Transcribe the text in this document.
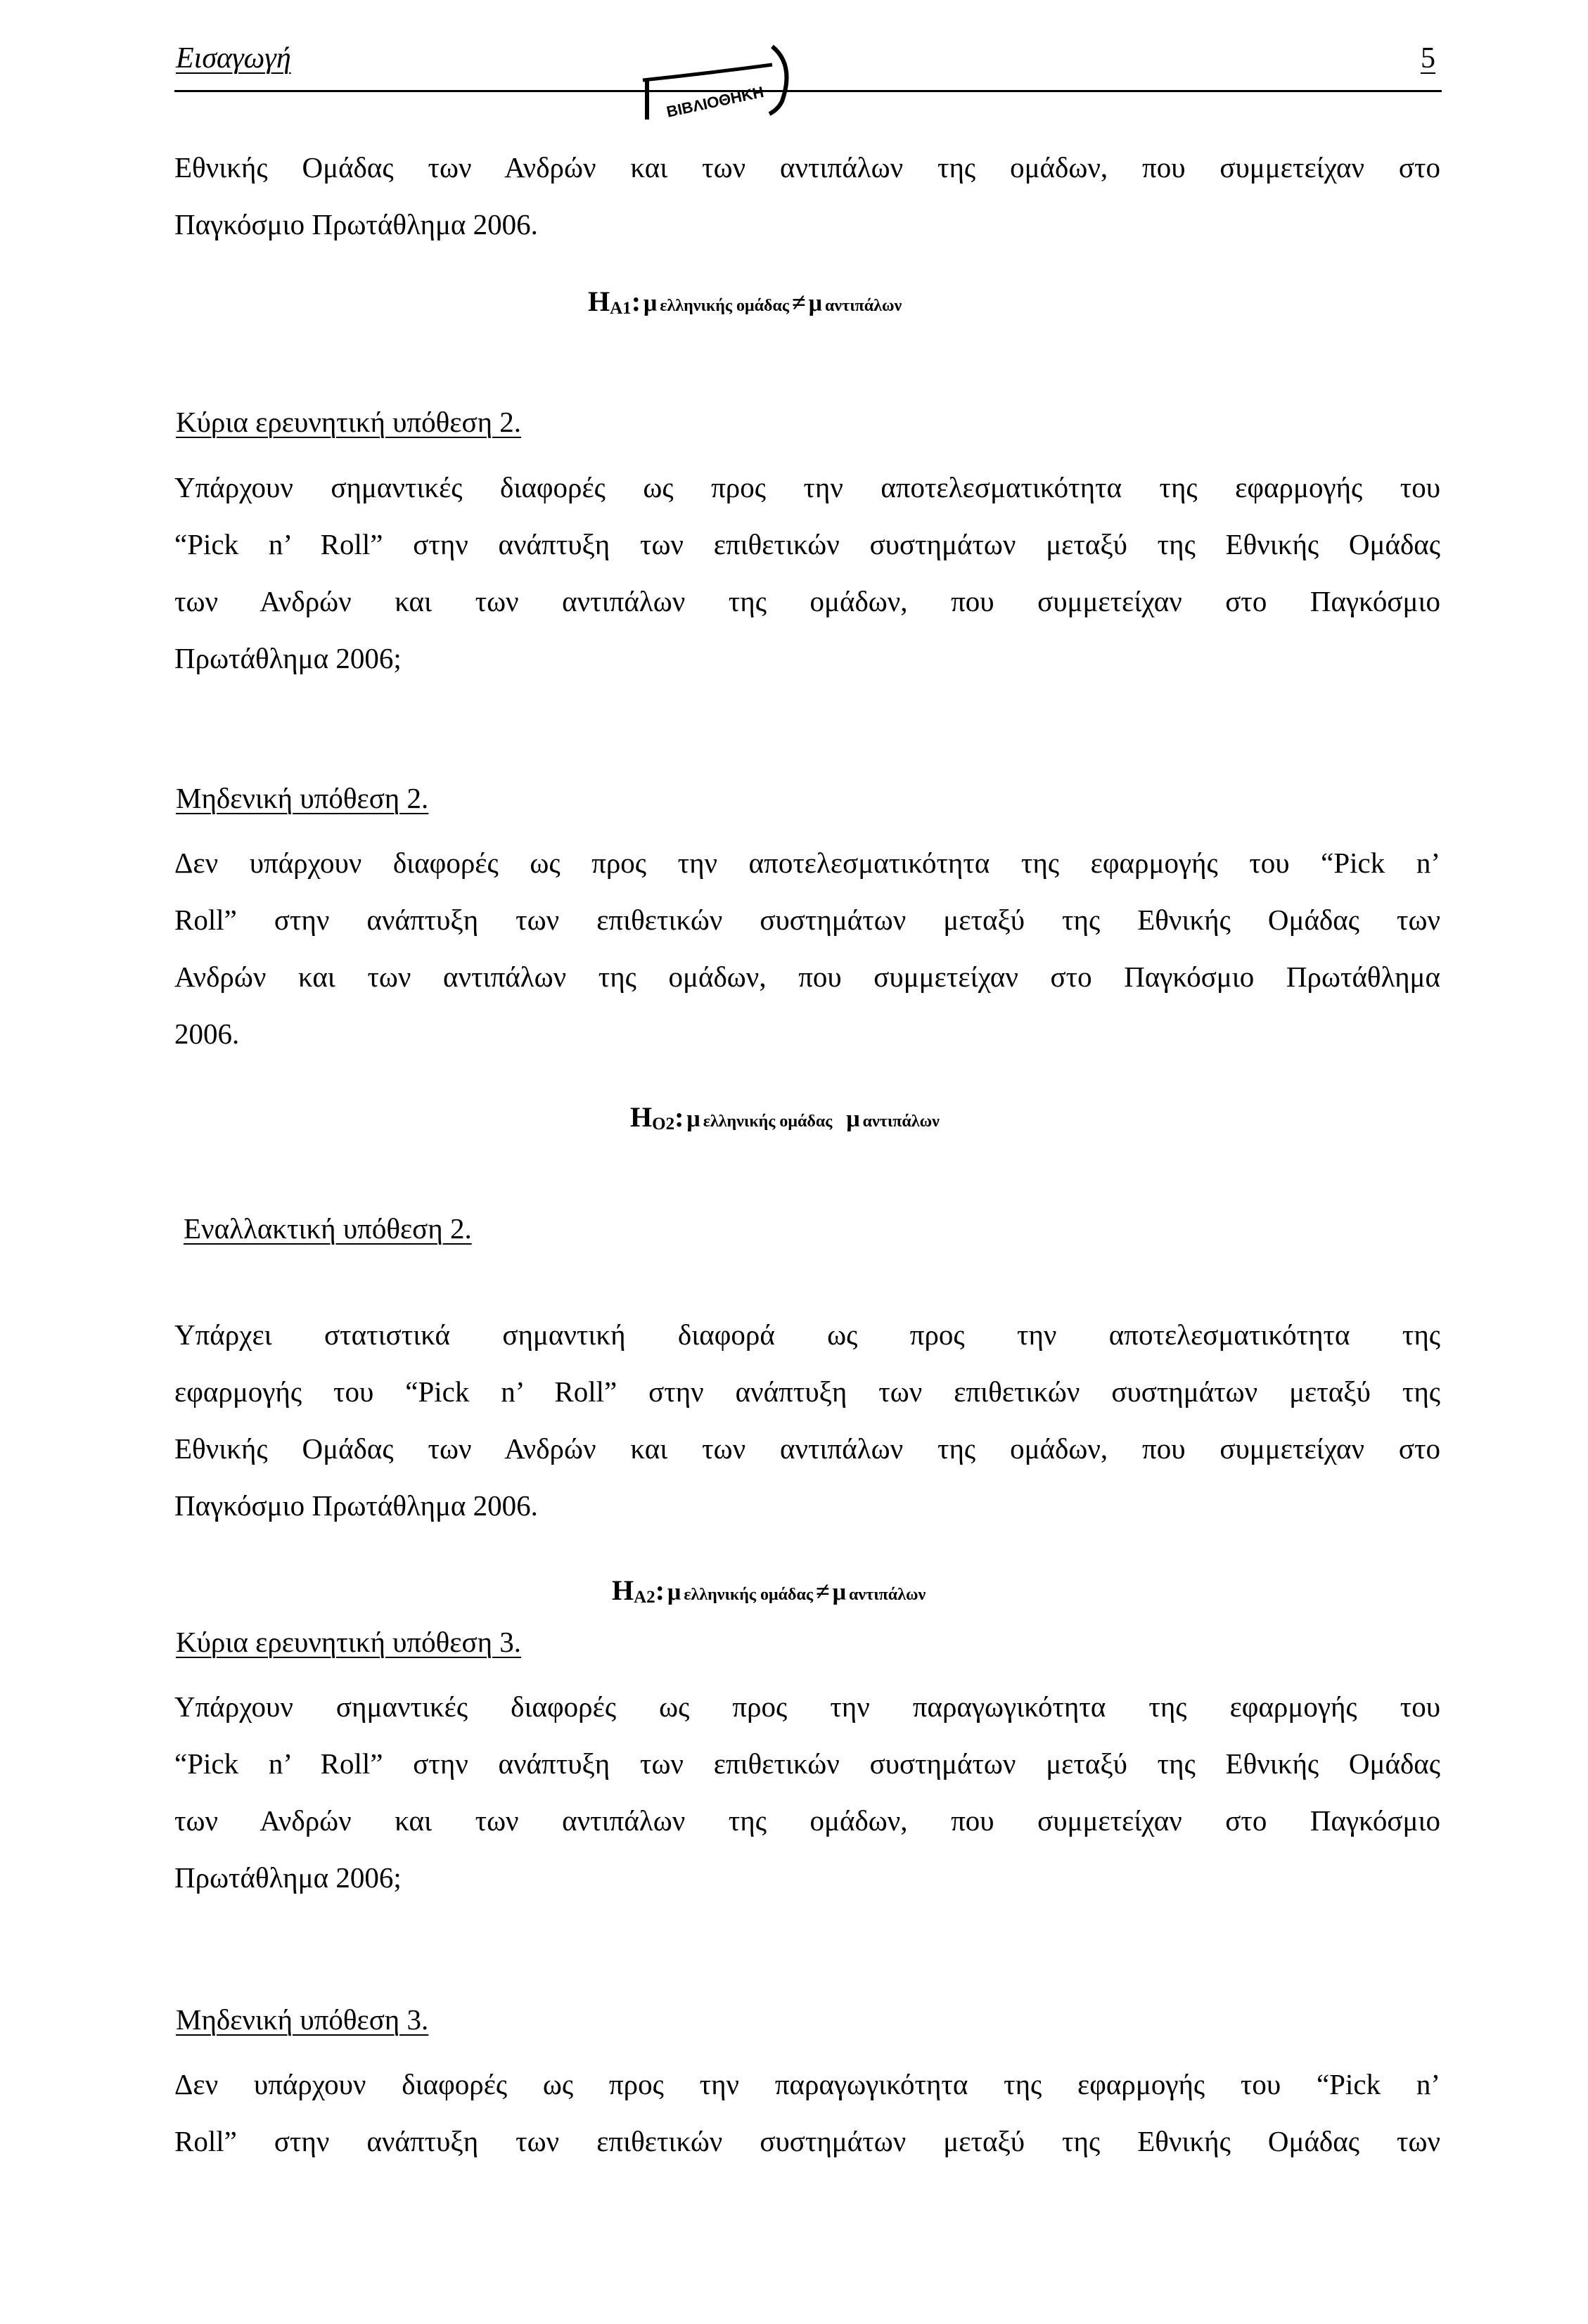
Εισαγωγή	5
ΒΙΒΛΙΟΘΗΚΗ
Εθνικής Ομάδας των Ανδρών και των αντιπάλων της ομάδων, που συμμετείχαν στο
Παγκόσμιο Πρωτάθλημα 2006.
HA1: μ ελληνικής ομάδας ≠ μ αντιπάλων
Κύρια ερευνητική υπόθεση 2.
Υπάρχουν σημαντικές διαφορές ως προς την αποτελεσματικότητα της εφαρμογής του
“Pick n’ Roll” στην ανάπτυξη των επιθετικών συστημάτων μεταξύ της Εθνικής Ομάδας
των Ανδρών και των αντιπάλων της ομάδων, που συμμετείχαν στο Παγκόσμιο
Πρωτάθλημα 2006;
Μηδενική υπόθεση 2.
Δεν υπάρχουν διαφορές ως προς την αποτελεσματικότητα της εφαρμογής του “Pick n’
Roll” στην ανάπτυξη των επιθετικών συστημάτων μεταξύ της Εθνικής Ομάδας των
Ανδρών και των αντιπάλων της ομάδων, που συμμετείχαν στο Παγκόσμιο Πρωτάθλημα
2006.
HO2: μ ελληνικής ομάδας μ αντιπάλων
Εναλλακτική υπόθεση 2.
Υπάρχει στατιστικά σημαντική διαφορά ως προς την αποτελεσματικότητα της
εφαρμογής του “Pick n’ Roll” στην ανάπτυξη των επιθετικών συστημάτων μεταξύ της
Εθνικής Ομάδας των Ανδρών και των αντιπάλων της ομάδων, που συμμετείχαν στο
Παγκόσμιο Πρωτάθλημα 2006.
HA2: μ ελληνικής ομάδας ≠ μ αντιπάλων
Κύρια ερευνητική υπόθεση 3.
Υπάρχουν σημαντικές διαφορές ως προς την παραγωγικότητα της εφαρμογής του
“Pick n’ Roll” στην ανάπτυξη των επιθετικών συστημάτων μεταξύ της Εθνικής Ομάδας
των Ανδρών και των αντιπάλων της ομάδων, που συμμετείχαν στο Παγκόσμιο
Πρωτάθλημα 2006;
Μηδενική υπόθεση 3.
Δεν υπάρχουν διαφορές ως προς την παραγωγικότητα της εφαρμογής του “Pick n’
Roll” στην ανάπτυξη των επιθετικών συστημάτων μεταξύ της Εθνικής Ομάδας των
